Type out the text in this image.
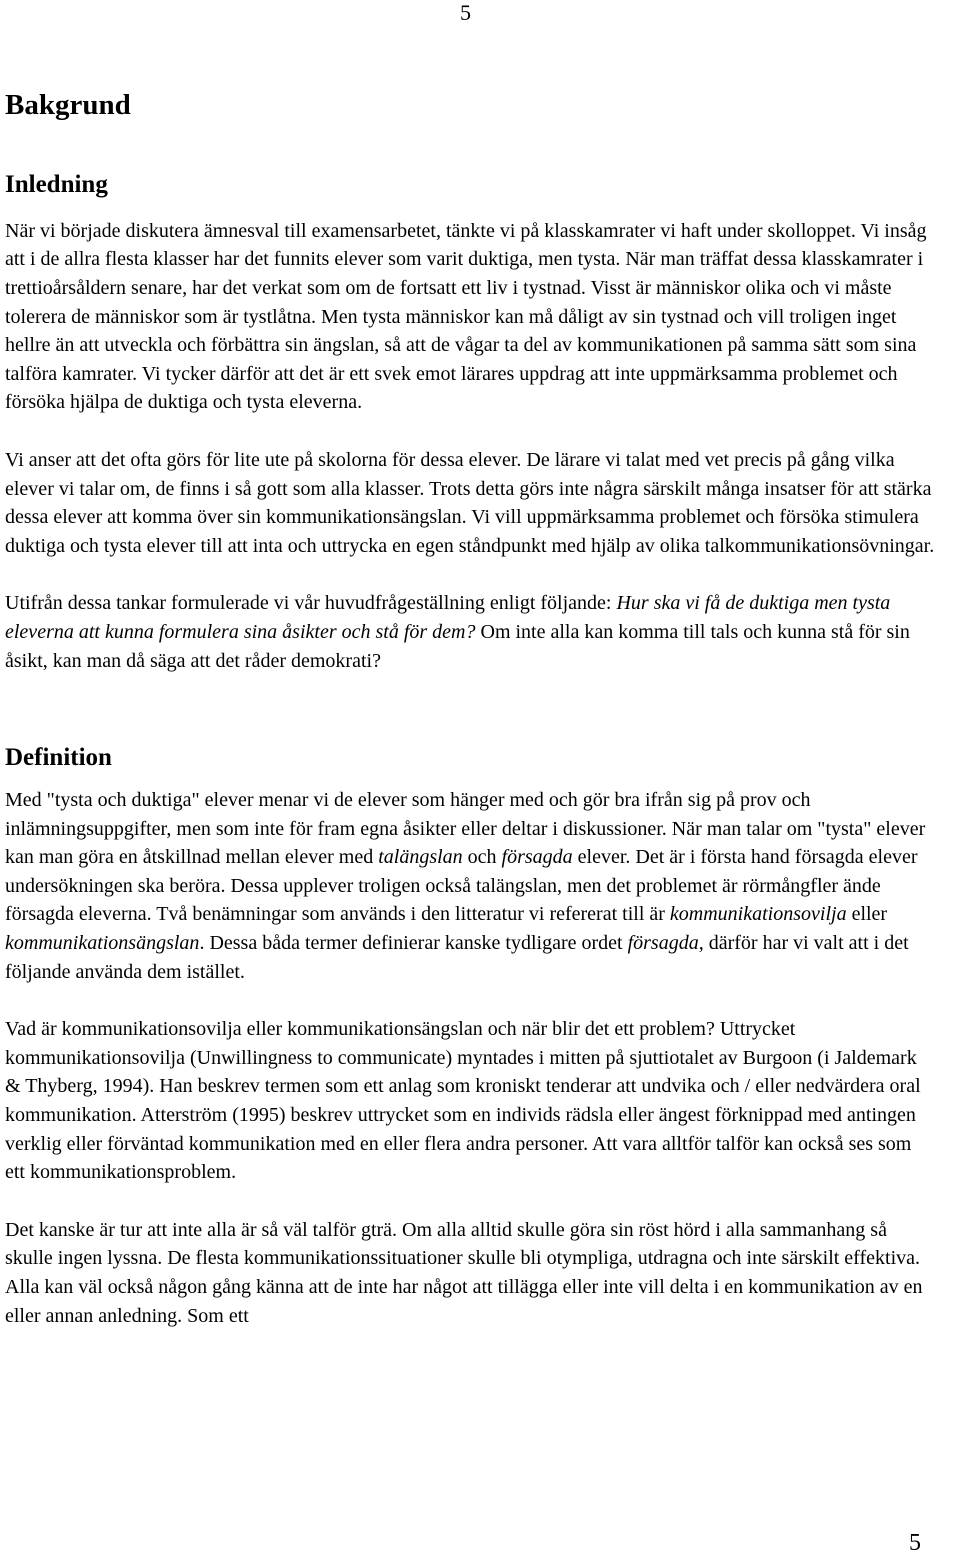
5
Bakgrund
Inledning

När vi började diskutera ämnesval till examensarbetet, tänkte vi på klasskamrater vi haft under skolloppet. Vi insåg att i de allra flesta klasser har det funnits elever som varit duktiga, men tysta. När man träffat dessa klasskamrater i trettioårsåldern senare, har det verkat som om de fortsatt ett liv i tystnad. Visst är människor olika och vi måste tolerera de människor som är tystlåtna. Men tysta människor kan må dåligt av sin tystnad och vill troligen inget hellre än att utveckla och förbättra sin ängslan, så att de vågar ta del av kommunikationen på samma sätt som sina talföra kamrater. Vi tycker därför att det är ett svek emot lärares uppdrag att inte uppmärksamma problemet och försöka hjälpa de duktiga och tysta eleverna.

Vi anser att det ofta görs för lite ute på skolorna för dessa elever. De lärare vi talat med vet precis på gång vilka elever vi talar om, de finns i så gott som alla klasser. Trots detta görs inte några särskilt många insatser för att stärka dessa elever att komma över sin kommunikationsängslan. Vi vill uppmärksamma problemet och försöka stimulera duktiga och tysta elever till att inta och uttrycka en egen ståndpunkt med hjälp av olika talkommunikationsövningar.

Utifrån dessa tankar formulerade vi vår huvudfrågeställning enligt följande: Hur ska vi få de duktiga men tysta eleverna att kunna formulera sina åsikter och stå för dem? Om inte alla kan komma till tals och kunna stå för sin åsikt, kan man då säga att det råder demokrati?

Definition

Med "tysta och duktiga" elever menar vi de elever som hänger med och gör bra ifrån sig på prov och inlämningsuppgifter, men som inte för fram egna åsikter eller deltar i diskussioner. När man talar om "tysta" elever kan man göra en åtskillnad mellan elever med talängslan och försagda elever. Det är i första hand försagda elever undersökningen ska beröra. Dessa upplever troligen också talängslan, men det problemet är rörmångfler ände försagda eleverna. Två benämningar som används i den litteratur vi refererat till är kommunikationsovilja eller kommunikationsängslan. Dessa båda termer definierar kanske tydligare ordet försagda, därför har vi valt att i det följande använda dem istället.

Vad är kommunikationsovilja eller kommunikationsängslan och när blir det ett problem? Uttrycket kommunikationsovilja (Unwillingness to communicate) myntades i mitten på sjuttiotalet av Burgoon (i Jaldemark & Thyberg, 1994). Han beskrev termen som ett anlag som kroniskt tenderar att undvika och / eller nedvärdera oral kommunikation. Atterström (1995) beskrev uttrycket som en individs rädsla eller ängest förknippad med antingen verklig eller förväntad kommunikation med en eller flera andra personer. Att vara alltför talför kan också ses som ett kommunikationsproblem.

Det kanske är tur att inte alla är så väl talför gträ. Om alla alltid skulle göra sin röst hörd i alla sammanhang så skulle ingen lyssna. De flesta kommunikationssituationer skulle bli otympliga, utdragna och inte särskilt effektiva. Alla kan väl också någon gång känna att de inte har något att tillägga eller inte vill delta i en kommunikation av en eller annan anledning. Som ett

5
